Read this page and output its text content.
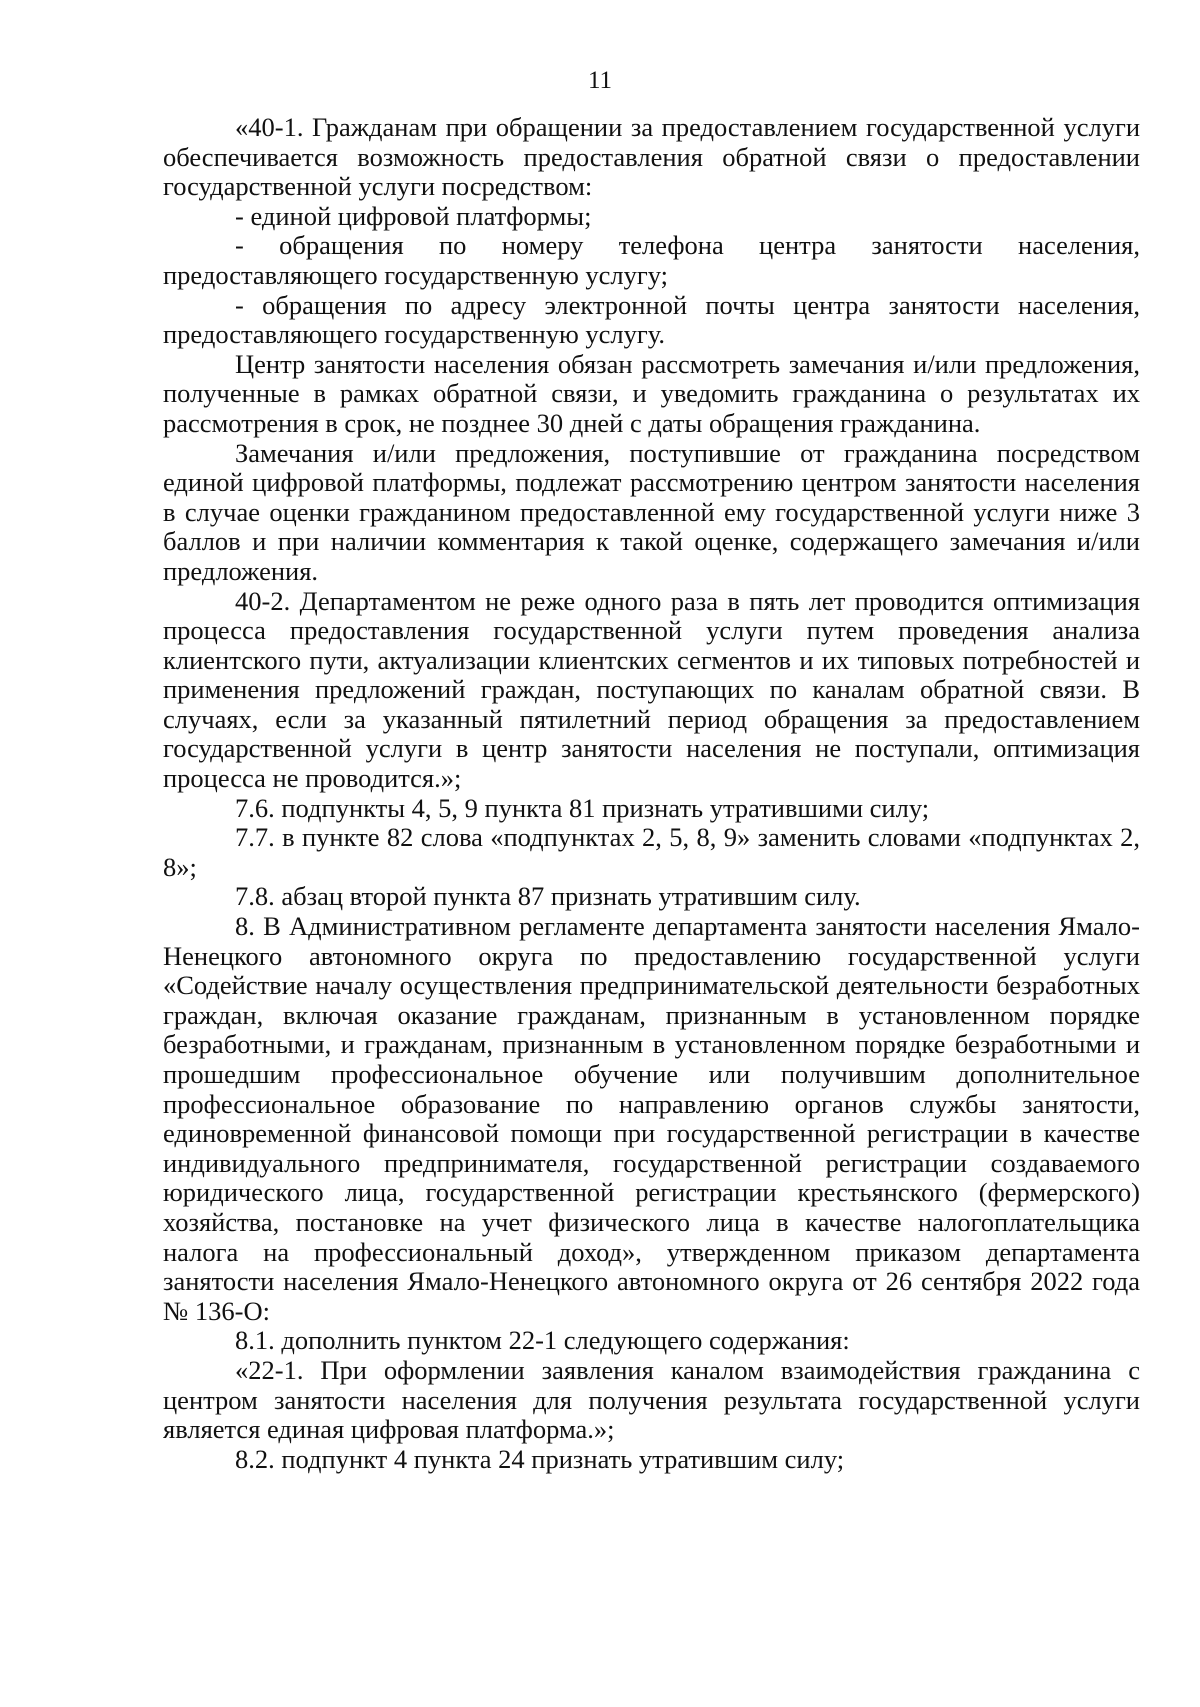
11

«40-1. Гражданам при обращении за предоставлением государственной услуги обеспечивается возможность предоставления обратной связи о предоставлении государственной услуги посредством:

- единой цифровой платформы;

- обращения по номеру телефона центра занятости населения, предоставляющего государственную услугу;

- обращения по адресу электронной почты центра занятости населения, предоставляющего государственную услугу.

Центр занятости населения обязан рассмотреть замечания и/или предложения, полученные в рамках обратной связи, и уведомить гражданина о результатах их рассмотрения в срок, не позднее 30 дней с даты обращения гражданина.

Замечания и/или предложения, поступившие от гражданина посредством единой цифровой платформы, подлежат рассмотрению центром занятости населения в случае оценки гражданином предоставленной ему государственной услуги ниже 3 баллов и при наличии комментария к такой оценке, содержащего замечания и/или предложения.

40-2. Департаментом не реже одного раза в пять лет проводится оптимизация процесса предоставления государственной услуги путем проведения анализа клиентского пути, актуализации клиентских сегментов и их типовых потребностей и применения предложений граждан, поступающих по каналам обратной связи. В случаях, если за указанный пятилетний период обращения за предоставлением государственной услуги в центр занятости населения не поступали, оптимизация процесса не проводится.»;

7.6. подпункты 4, 5, 9 пункта 81 признать утратившими силу;

7.7. в пункте 82 слова «подпунктах 2, 5, 8, 9» заменить словами «подпунктах 2, 8»;

7.8. абзац второй пункта 87 признать утратившим силу.

8. В Административном регламенте департамента занятости населения Ямало-Ненецкого автономного округа по предоставлению государственной услуги «Содействие началу осуществления предпринимательской деятельности безработных граждан, включая оказание гражданам, признанным в установленном порядке безработными, и гражданам, признанным в установленном порядке безработными и прошедшим профессиональное обучение или получившим дополнительное профессиональное образование по направлению органов службы занятости, единовременной финансовой помощи при государственной регистрации в качестве индивидуального предпринимателя, государственной регистрации создаваемого юридического лица, государственной регистрации крестьянского (фермерского) хозяйства, постановке на учет физического лица в качестве налогоплательщика налога на профессиональный доход», утвержденном приказом департамента занятости населения Ямало-Ненецкого автономного округа от 26 сентября 2022 года № 136-О:

8.1. дополнить пунктом 22-1 следующего содержания:

«22-1. При оформлении заявления каналом взаимодействия гражданина с центром занятости населения для получения результата государственной услуги является единая цифровая платформа.»;

8.2. подпункт 4 пункта 24 признать утратившим силу;
